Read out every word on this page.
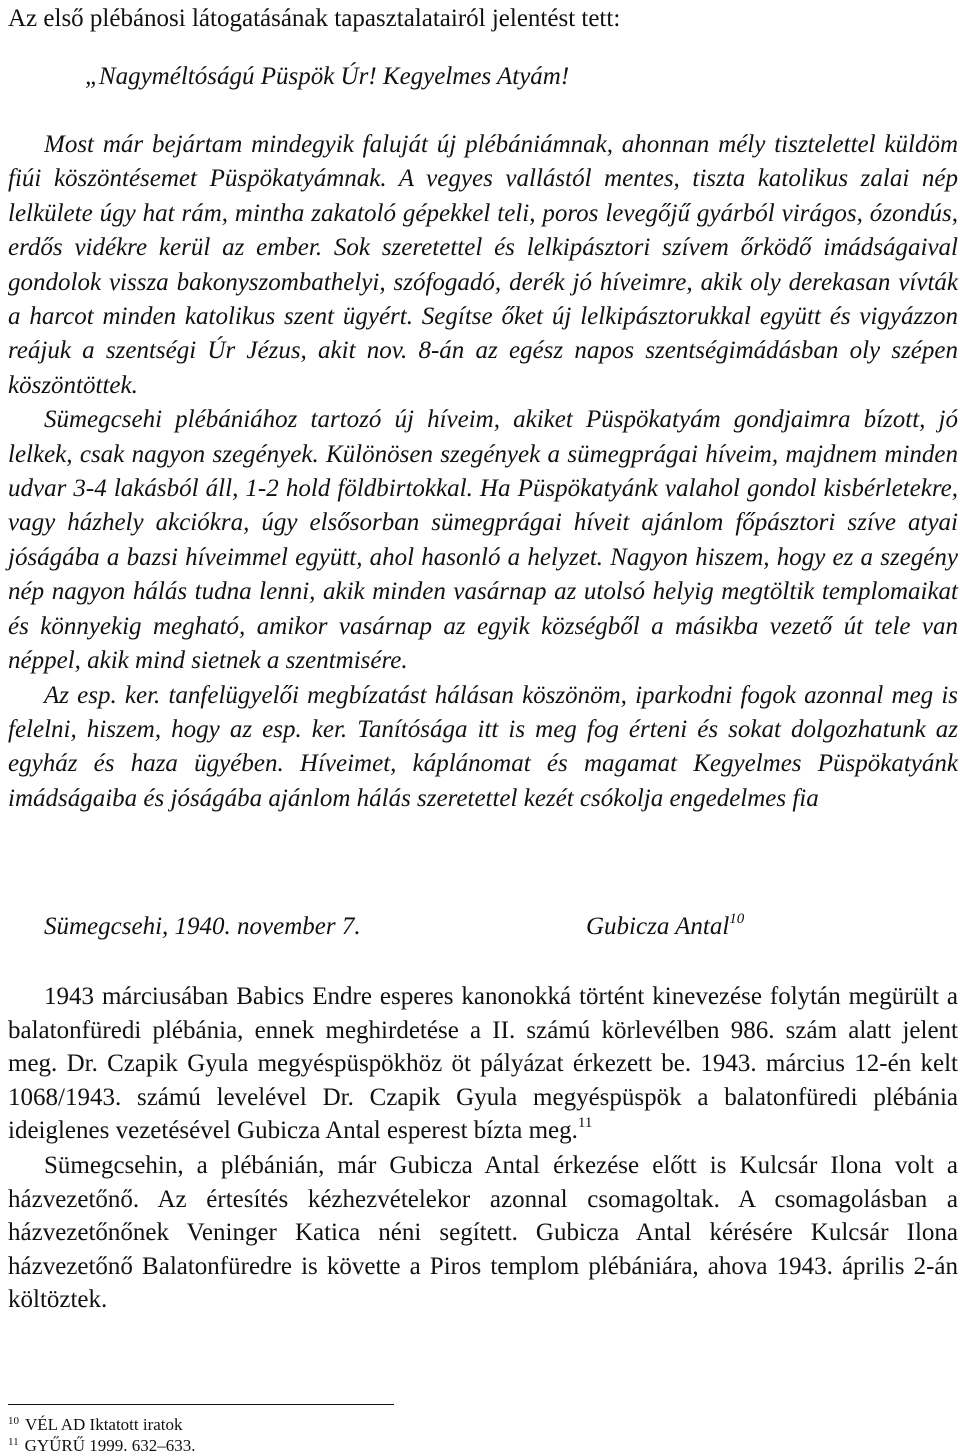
Az első plébánosi látogatásának tapasztalatairól jelentést tett:
„Nagyméltóságú Püspök Úr! Kegyelmes Atyám!

Most már bejártam mindegyik faluját új plébániámnak, ahonnan mély tisztelettel küldöm fiúi köszöntésemet Püspökatyámnak. A vegyes vallástól mentes, tiszta katolikus zalai nép lelkülete úgy hat rám, mintha zakatoló gépekkel teli, poros levegőjű gyárból virágos, ózondús, erdős vidékre kerül az ember. Sok szeretettel és lelkipásztori szívem őrködő imádságaival gondolok vissza bakonyszombathelyi, szófogadó, derék jó híveimre, akik oly derekasan vívták a harcot minden katolikus szent ügyért. Segítse őket új lelkipásztorukkal együtt és vigyázzon reájuk a szentségi Úr Jézus, akit nov. 8-án az egész napos szentségimádásban oly szépen köszöntöttek.

Sümegcsehi plébániához tartozó új híveim, akiket Püspökatyám gondjaimra bízott, jó lelkek, csak nagyon szegények. Különösen szegények a sümegprágai híveim, majdnem minden udvar 3-4 lakásból áll, 1-2 hold földbirtokkal. Ha Püspökatyánk valahol gondol kisbérletekre, vagy házhely akciókra, úgy elsősorban sümegprágai híveit ajánlom főpásztori szíve atyai jóságába a bazsi híveimmel együtt, ahol hasonló a helyzet. Nagyon hiszem, hogy ez a szegény nép nagyon hálás tudna lenni, akik minden vasárnap az utolsó helyig megtöltik templomaikat és könnyekig megható, amikor vasárnap az egyik községből a másikba vezető út tele van néppel, akik mind sietnek a szentmisére.

Az esp. ker. tanfelügyelői megbízatást hálásan köszönöm, iparkodni fogok azonnal meg is felelni, hiszem, hogy az esp. ker. Tanítósága itt is meg fog érteni és sokat dolgozhatunk az egyház és haza ügyében. Híveimet, káplánomat és magamat Kegyelmes Püspökatyánk imádságaiba és jóságába ajánlom hálás szeretettel kezét csókolja engedelmes fia

Sümegcsehi, 1940. november 7.	Gubicza Antal$^{10}$

1943 márciusában Babics Endre esperes kanonokká történt kinevezése folytán megürült a balatonfüredi plébánia, ennek meghirdetése a II. számú körlevélben 986. szám alatt jelent meg. Dr. Czapik Gyula megyéspüspökhöz öt pályázat érkezett be. 1943. március 12-én kelt 1068/1943. számú levelével Dr. Czapik Gyula megyéspüspök a balatonfüredi plébánia ideiglenes vezetésével Gubicza Antal esperest bízta meg.$^{11}$

Sümegcsehin, a plébánián, már Gubicza Antal érkezése előtt is Kulcsár Ilona volt a házvezetőnő. Az értesítés kézhezvételekor azonnal csomagoltak. A csomagolásban a házvezetőnőnek Veninger Katica néni segített. Gubicza Antal kérésére Kulcsár Ilona házvezetőnő Balatonfüredre is követte a Piros templom plébániára, ahova 1943. április 2-án költöztek.

$^{10}$ VÉL AD Iktatott iratok
$^{11}$ GYŰRŰ 1999. 632–633.
